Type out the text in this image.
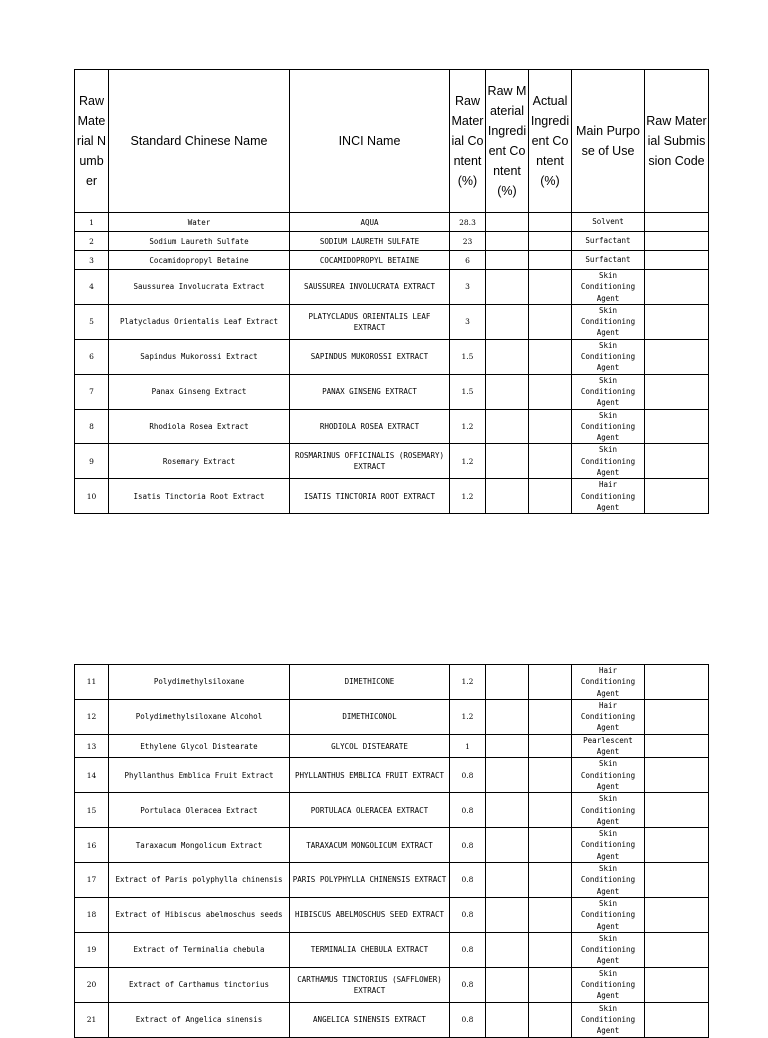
Raw Material Number	Standard Chinese Name	INCI Name	Raw Material Content (%)	Raw Material Ingredient Content (%)	Actual Ingredient Content (%)	Main Purpose of Use	Raw Material Submission Code
1	Water	AQUA	28.3			Solvent	
2	Sodium Laureth Sulfate	SODIUM LAURETH SULFATE	23			Surfactant	
3	Cocamidopropyl Betaine	COCAMIDOPROPYL BETAINE	6			Surfactant	
4	Saussurea Involucrata Extract	SAUSSUREA INVOLUCRATA EXTRACT	3			Skin Conditioning Agent	
5	Platycladus Orientalis Leaf Extract	PLATYCLADUS ORIENTALIS LEAF EXTRACT	3			Skin Conditioning Agent	
6	Sapindus Mukorossi Extract	SAPINDUS MUKOROSSI EXTRACT	1.5			Skin Conditioning Agent	
7	Panax Ginseng Extract	PANAX GINSENG EXTRACT	1.5			Skin Conditioning Agent	
8	Rhodiola Rosea Extract	RHODIOLA ROSEA EXTRACT	1.2			Skin Conditioning Agent	
9	Rosemary Extract	ROSMARINUS OFFICINALIS (ROSEMARY) EXTRACT	1.2			Skin Conditioning Agent	
10	Isatis Tinctoria Root Extract	ISATIS TINCTORIA ROOT EXTRACT	1.2			Hair Conditioning Agent	
11	Polydimethylsiloxane	DIMETHICONE	1.2			Hair Conditioning Agent	
12	Polydimethylsiloxane Alcohol	DIMETHICONOL	1.2			Hair Conditioning Agent	
13	Ethylene Glycol Distearate	GLYCOL DISTEARATE	1			Pearlescent Agent	
14	Phyllanthus Emblica Fruit Extract	PHYLLANTHUS EMBLICA FRUIT EXTRACT	0.8			Skin Conditioning Agent	
15	Portulaca Oleracea Extract	PORTULACA OLERACEA EXTRACT	0.8			Skin Conditioning Agent	
16	Taraxacum Mongolicum Extract	TARAXACUM MONGOLICUM EXTRACT	0.8			Skin Conditioning Agent	
17	Extract of Paris polyphylla chinensis	PARIS POLYPHYLLA CHINENSIS EXTRACT	0.8			Skin Conditioning Agent	
18	Extract of Hibiscus abelmoschus seeds	HIBISCUS ABELMOSCHUS SEED EXTRACT	0.8			Skin Conditioning Agent	
19	Extract of Terminalia chebula	TERMINALIA CHEBULA EXTRACT	0.8			Skin Conditioning Agent	
20	Extract of Carthamus tinctorius	CARTHAMUS TINCTORIUS (SAFFLOWER) EXTRACT	0.8			Skin Conditioning Agent	
21	Extract of Angelica sinensis	ANGELICA SINENSIS EXTRACT	0.8			Skin Conditioning Agent	
